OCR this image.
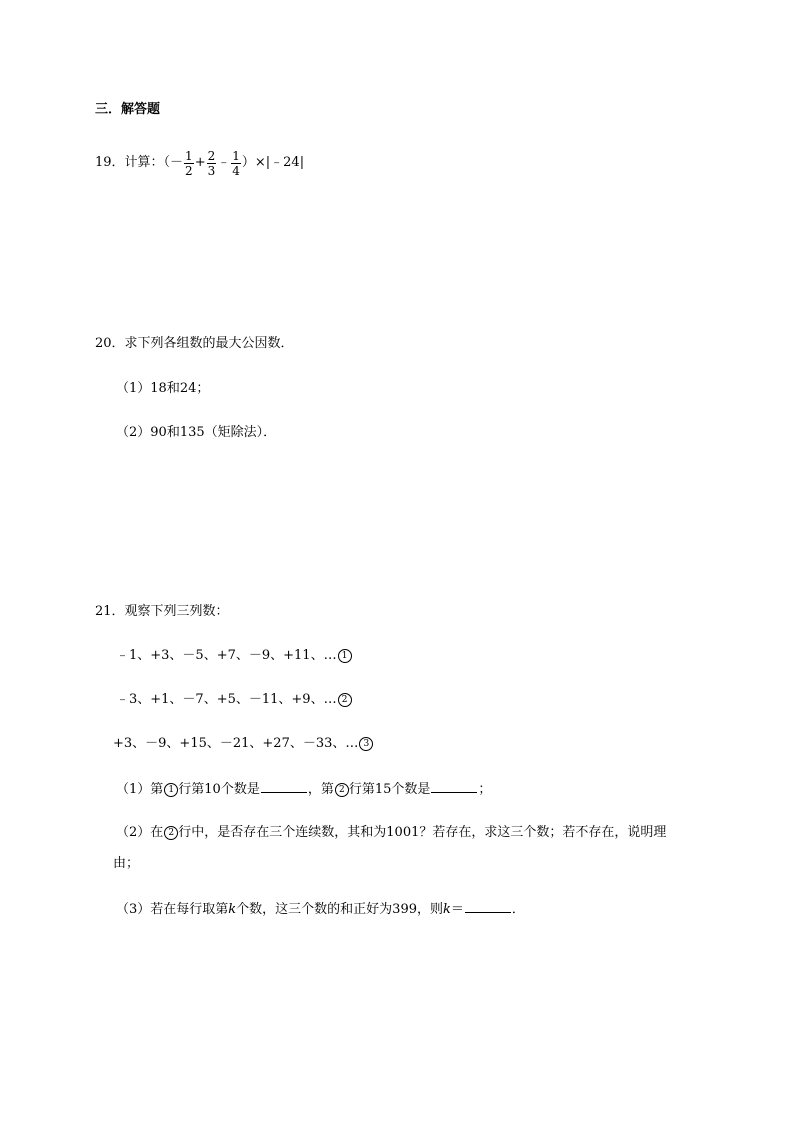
三．解答题
19．计算：（－ $\frac{1}{2} + \frac{2}{3}$ ﹣ $\frac{1}{4}$ ）×|﹣24|
20．求下列各组数的最大公因数．
（1）18和24；
（2）90和135（矩除法）．
21．观察下列三列数：
﹣1、+3、－5、+7、－9、+11、… 1
﹣3、+1、－7、+5、－11、+9、… 2
+3、－9、+15、－21、+27、－33、… 3
（1）第 1 行第10个数是	，第 2 行第15个数是	；
（2）在 2 行中，是否存在三个连续数，其和为1001？若存在，求这三个数；若不存在，说明理
由；
（3）若在每行取第k个数，这三个数的和正好为399，则k＝	．
